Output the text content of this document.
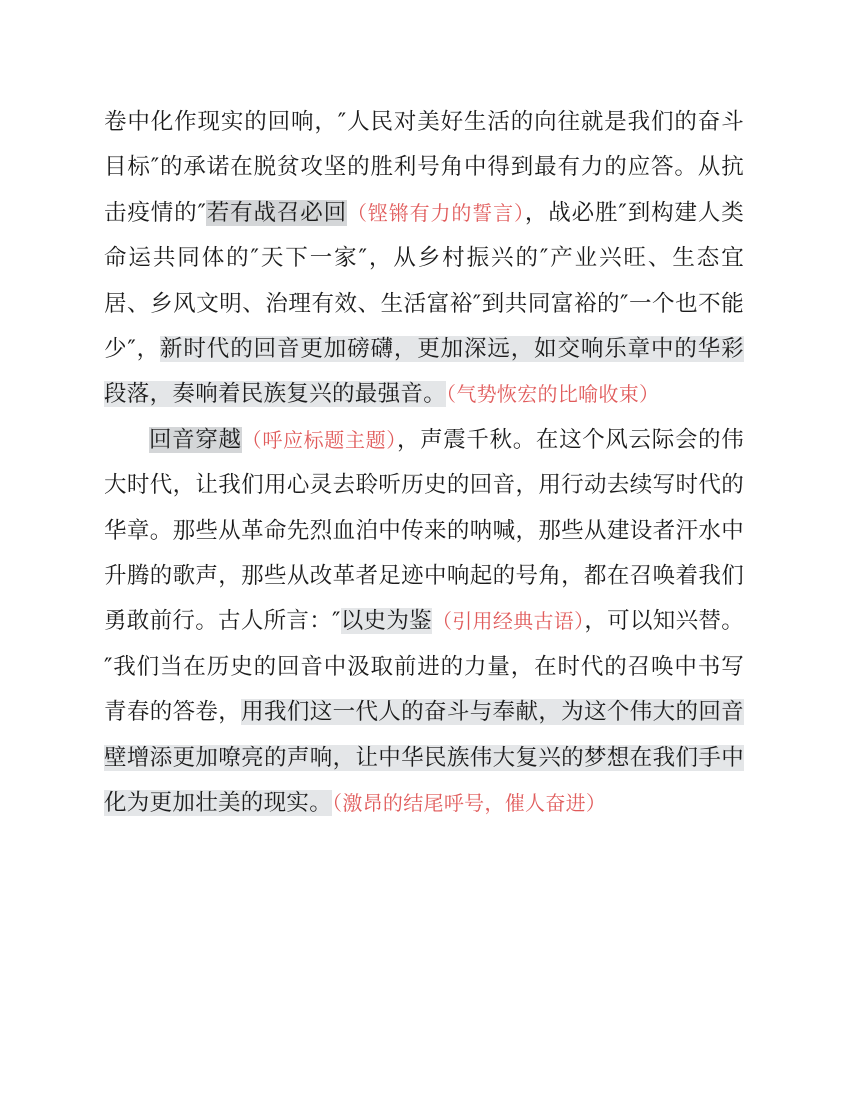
卷中化作现实的回响，″人民对美好生活的向往就是我们的奋斗目标″的承诺在脱贫攻坚的胜利号角中得到最有力的应答。从抗击疫情的″若有战召必回（铿锵有力的誓言），战必胜″到构建人类命运共同体的″天下一家″，从乡村振兴的″产业兴旺、生态宜居、乡风文明、治理有效、生活富裕″到共同富裕的″一个也不能少″，新时代的回音更加磅礴，更加深远，如交响乐章中的华彩段落，奏响着民族复兴的最强音。（气势恢宏的比喻收束）

回音穿越（呼应标题主题），声震千秋。在这个风云际会的伟大时代，让我们用心灵去聆听历史的回音，用行动去续写时代的华章。那些从革命先烈血泊中传来的呐喊，那些从建设者汗水中升腾的歌声，那些从改革者足迹中响起的号角，都在召唤着我们勇敢前行。古人所言：″以史为鉴（引用经典古语），可以知兴替。″我们当在历史的回音中汲取前进的力量，在时代的召唤中书写青春的答卷，用我们这一代人的奋斗与奉献，为这个伟大的回音壁增添更加嘹亮的声响，让中华民族伟大复兴的梦想在我们手中化为更加壮美的现实。（激昂的结尾呼号，催人奋进）
